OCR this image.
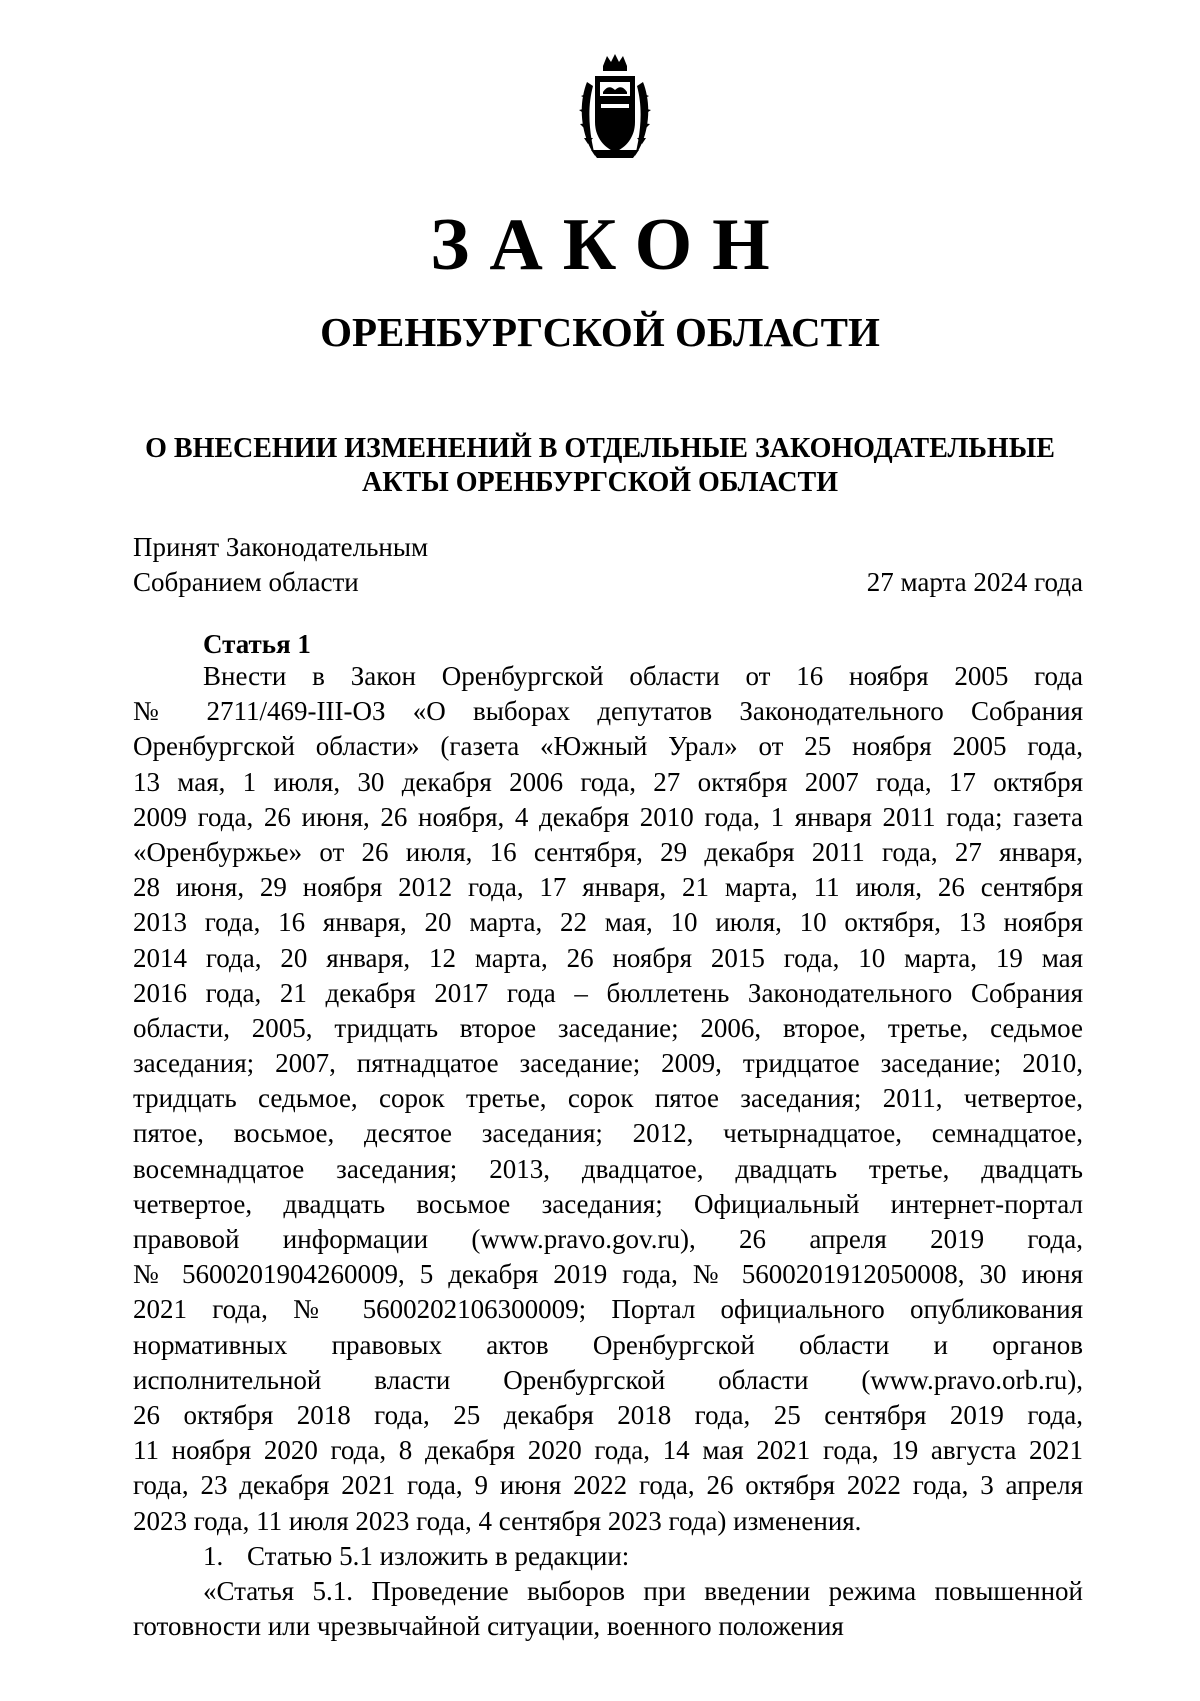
ЗАКОН
ОРЕНБУРГСКОЙ ОБЛАСТИ
О ВНЕСЕНИИ ИЗМЕНЕНИЙ В ОТДЕЛЬНЫЕ ЗАКОНОДАТЕЛЬНЫЕ
АКТЫ ОРЕНБУРГСКОЙ ОБЛАСТИ
Принят Законодательным
Собранием области	27 марта 2024 года
Статья 1
Внести в Закон Оренбургской области от 16 ноября 2005 года
№ 2711/469-III-ОЗ «О выборах депутатов Законодательного Собрания
Оренбургской области» (газета «Южный Урал» от 25 ноября 2005 года,
13 мая, 1 июля, 30 декабря 2006 года, 27 октября 2007 года, 17 октября
2009 года, 26 июня, 26 ноября, 4 декабря 2010 года, 1 января 2011 года; газета
«Оренбуржье» от 26 июля, 16 сентября, 29 декабря 2011 года, 27 января,
28 июня, 29 ноября 2012 года, 17 января, 21 марта, 11 июля, 26 сентября
2013 года, 16 января, 20 марта, 22 мая, 10 июля, 10 октября, 13 ноября
2014 года, 20 января, 12 марта, 26 ноября 2015 года, 10 марта, 19 мая
2016 года, 21 декабря 2017 года – бюллетень Законодательного Собрания
области, 2005, тридцать второе заседание; 2006, второе, третье, седьмое
заседания; 2007, пятнадцатое заседание; 2009, тридцатое заседание; 2010,
тридцать седьмое, сорок третье, сорок пятое заседания; 2011, четвертое,
пятое, восьмое, десятое заседания; 2012, четырнадцатое, семнадцатое,
восемнадцатое заседания; 2013, двадцатое, двадцать третье, двадцать
четвертое, двадцать восьмое заседания; Официальный интернет-портал
правовой информации (www.pravo.gov.ru), 26 апреля 2019 года,
№ 5600201904260009, 5 декабря 2019 года, № 5600201912050008, 30 июня
2021 года, № 5600202106300009; Портал официального опубликования
нормативных правовых актов Оренбургской области и органов
исполнительной власти Оренбургской области (www.pravo.orb.ru),
26 октября 2018 года, 25 декабря 2018 года, 25 сентября 2019 года,
11 ноября 2020 года, 8 декабря 2020 года, 14 мая 2021 года, 19 августа 2021
года, 23 декабря 2021 года, 9 июня 2022 года, 26 октября 2022 года, 3 апреля
2023 года, 11 июля 2023 года, 4 сентября 2023 года) изменения.
1. Статью 5.1 изложить в редакции:
«Статья 5.1. Проведение выборов при введении режима повышенной
готовности или чрезвычайной ситуации, военного положения
